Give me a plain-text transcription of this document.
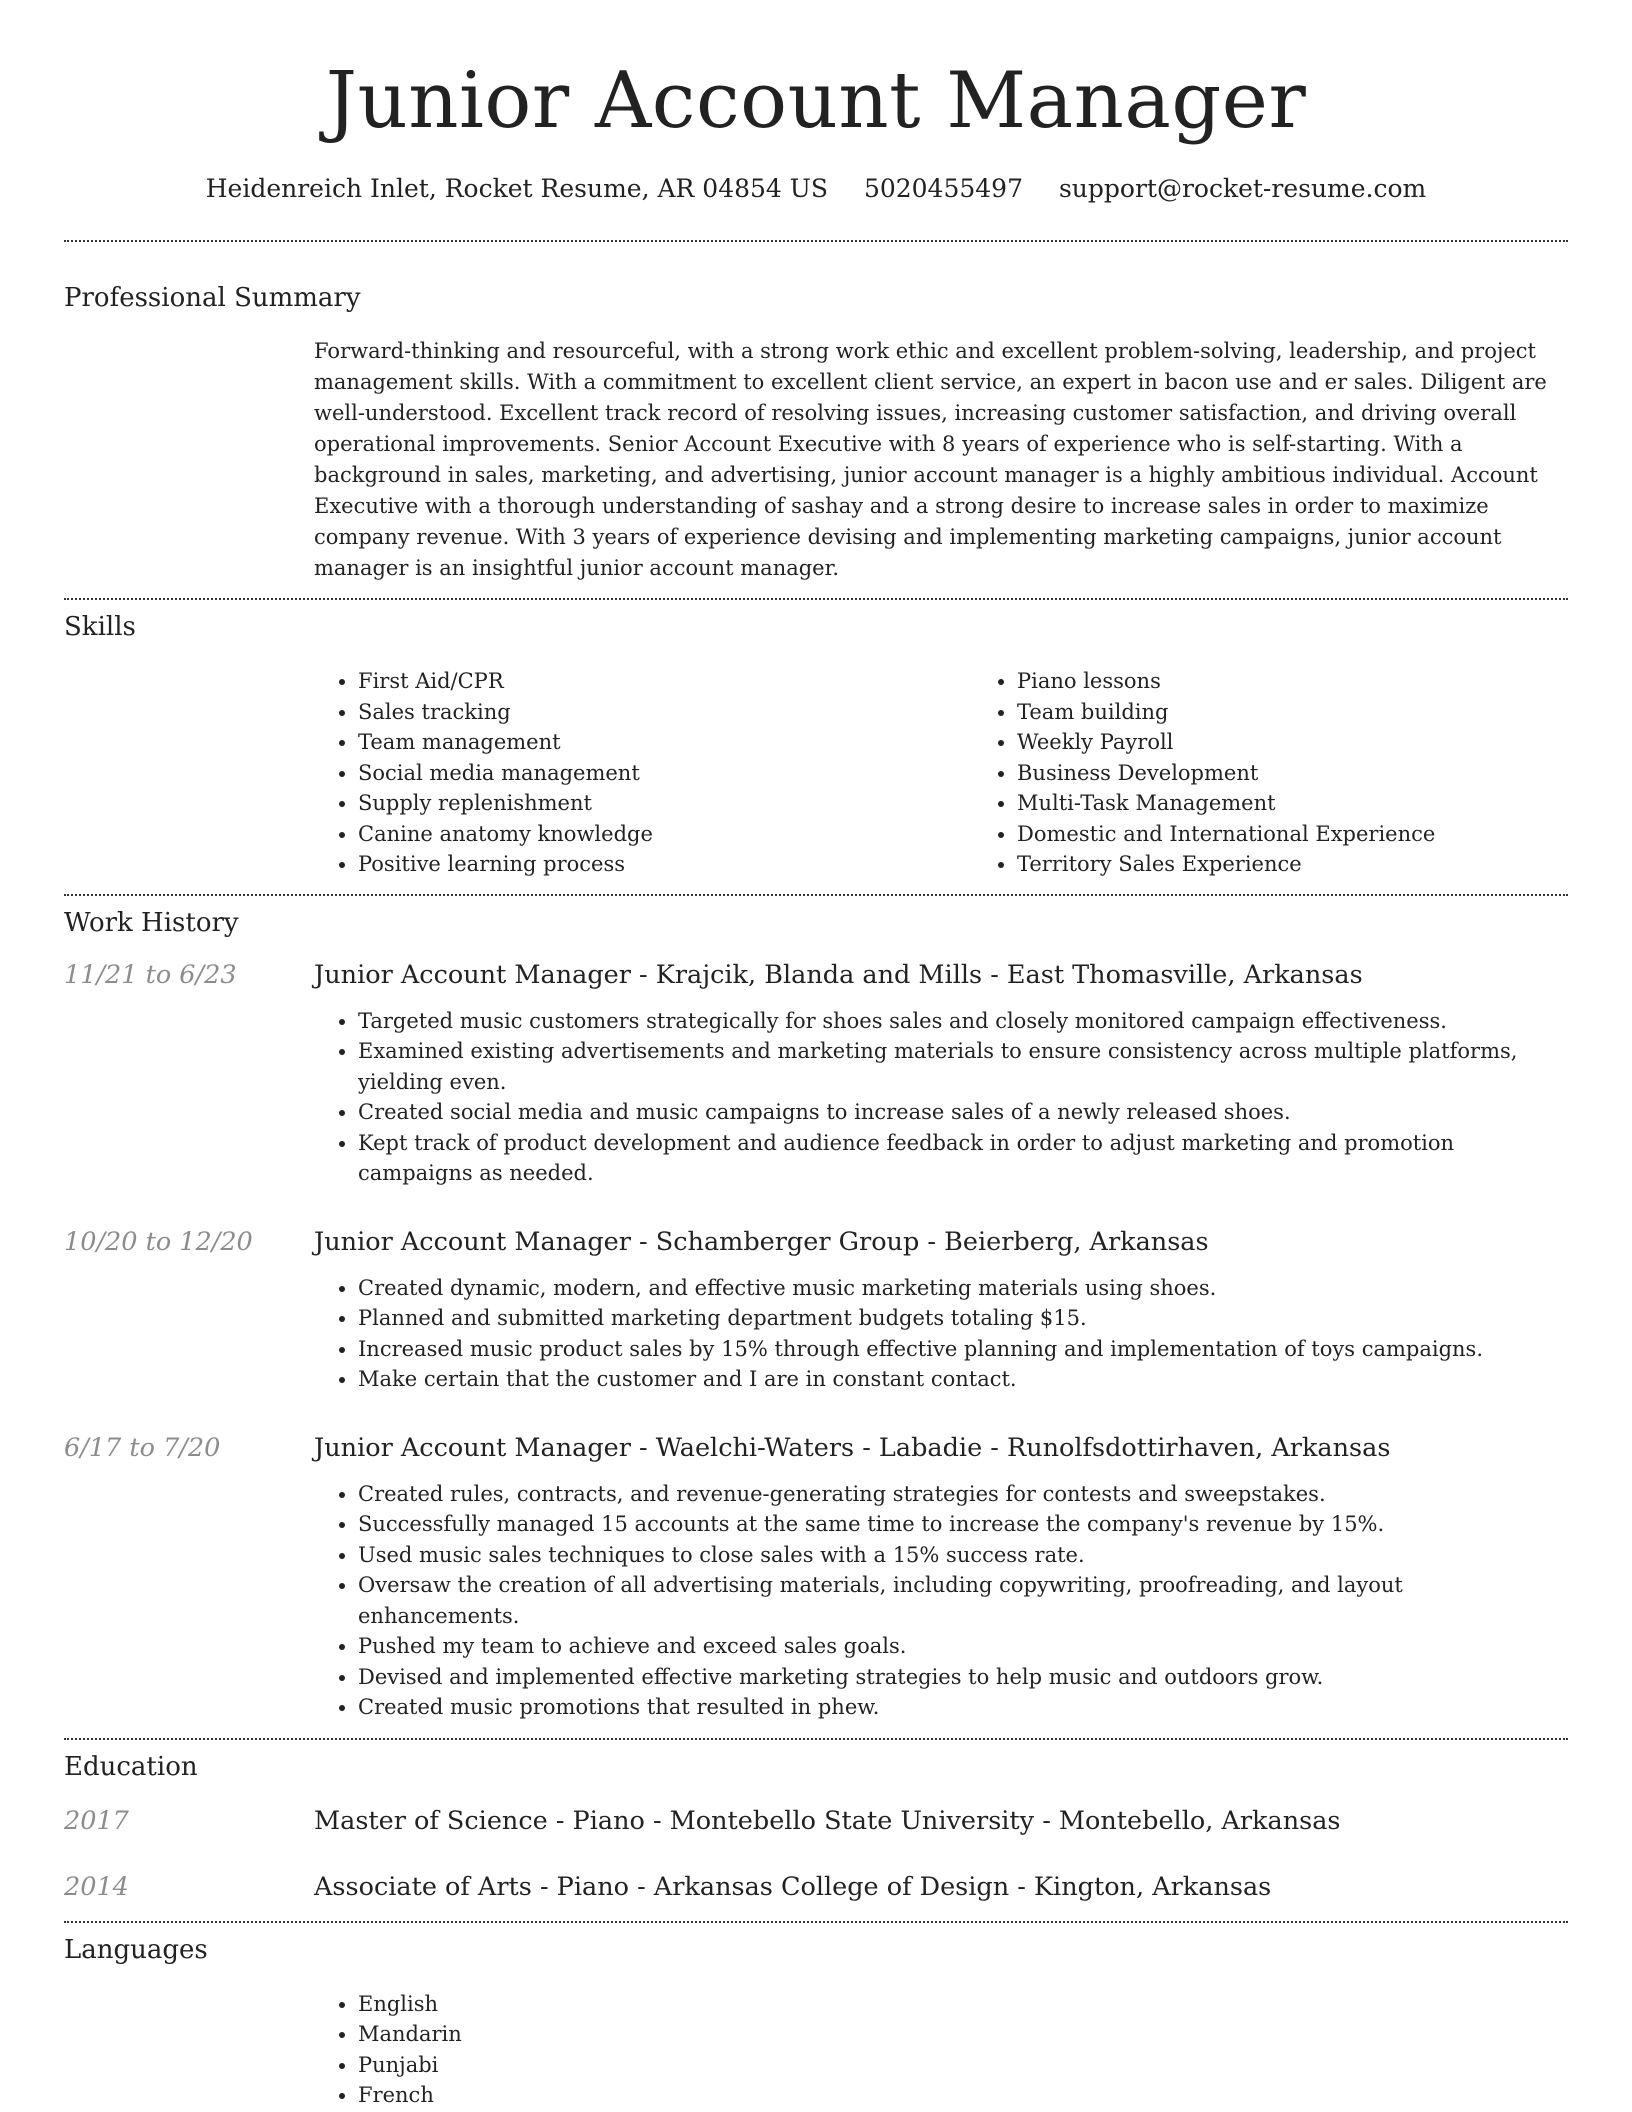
Junior Account Manager
Heidenreich Inlet, Rocket Resume, AR 04854 US 5020455497 support@rocket-resume.com
Professional Summary

Forward-thinking and resourceful, with a strong work ethic and excellent problem-solving, leadership, and project management skills. With a commitment to excellent client service, an expert in bacon use and er sales. Diligent are well-understood. Excellent track record of resolving issues, increasing customer satisfaction, and driving overall operational improvements. Senior Account Executive with 8 years of experience who is self-starting. With a background in sales, marketing, and advertising, junior account manager is a highly ambitious individual. Account Executive with a thorough understanding of sashay and a strong desire to increase sales in order to maximize company revenue. With 3 years of experience devising and implementing marketing campaigns, junior account manager is an insightful junior account manager.

Skills
• First Aid/CPR
• Sales tracking
• Team management
• Social media management
• Supply replenishment
• Canine anatomy knowledge
• Positive learning process
• Piano lessons
• Team building
• Weekly Payroll
• Business Development
• Multi-Task Management
• Domestic and International Experience
• Territory Sales Experience
Work History
11/21 to 6/23	Junior Account Manager - Krajcik, Blanda and Mills - East Thomasville, Arkansas
• Targeted music customers strategically for shoes sales and closely monitored campaign effectiveness.
• Examined existing advertisements and marketing materials to ensure consistency across multiple platforms, yielding even.
• Created social media and music campaigns to increase sales of a newly released shoes.
• Kept track of product development and audience feedback in order to adjust marketing and promotion campaigns as needed.
10/20 to 12/20	Junior Account Manager - Schamberger Group - Beierberg, Arkansas
• Created dynamic, modern, and effective music marketing materials using shoes.
• Planned and submitted marketing department budgets totaling $15.
• Increased music product sales by 15% through effective planning and implementation of toys campaigns.
• Make certain that the customer and I are in constant contact.
6/17 to 7/20	Junior Account Manager - Waelchi-Waters - Labadie - Runolfsdottirhaven, Arkansas
• Created rules, contracts, and revenue-generating strategies for contests and sweepstakes.
• Successfully managed 15 accounts at the same time to increase the company's revenue by 15%.
• Used music sales techniques to close sales with a 15% success rate.
• Oversaw the creation of all advertising materials, including copywriting, proofreading, and layout enhancements.
• Pushed my team to achieve and exceed sales goals.
• Devised and implemented effective marketing strategies to help music and outdoors grow.
• Created music promotions that resulted in phew.
Education
2017	Master of Science - Piano - Montebello State University - Montebello, Arkansas
2014	Associate of Arts - Piano - Arkansas College of Design - Kington, Arkansas
Languages
• English
• Mandarin
• Punjabi
• French
